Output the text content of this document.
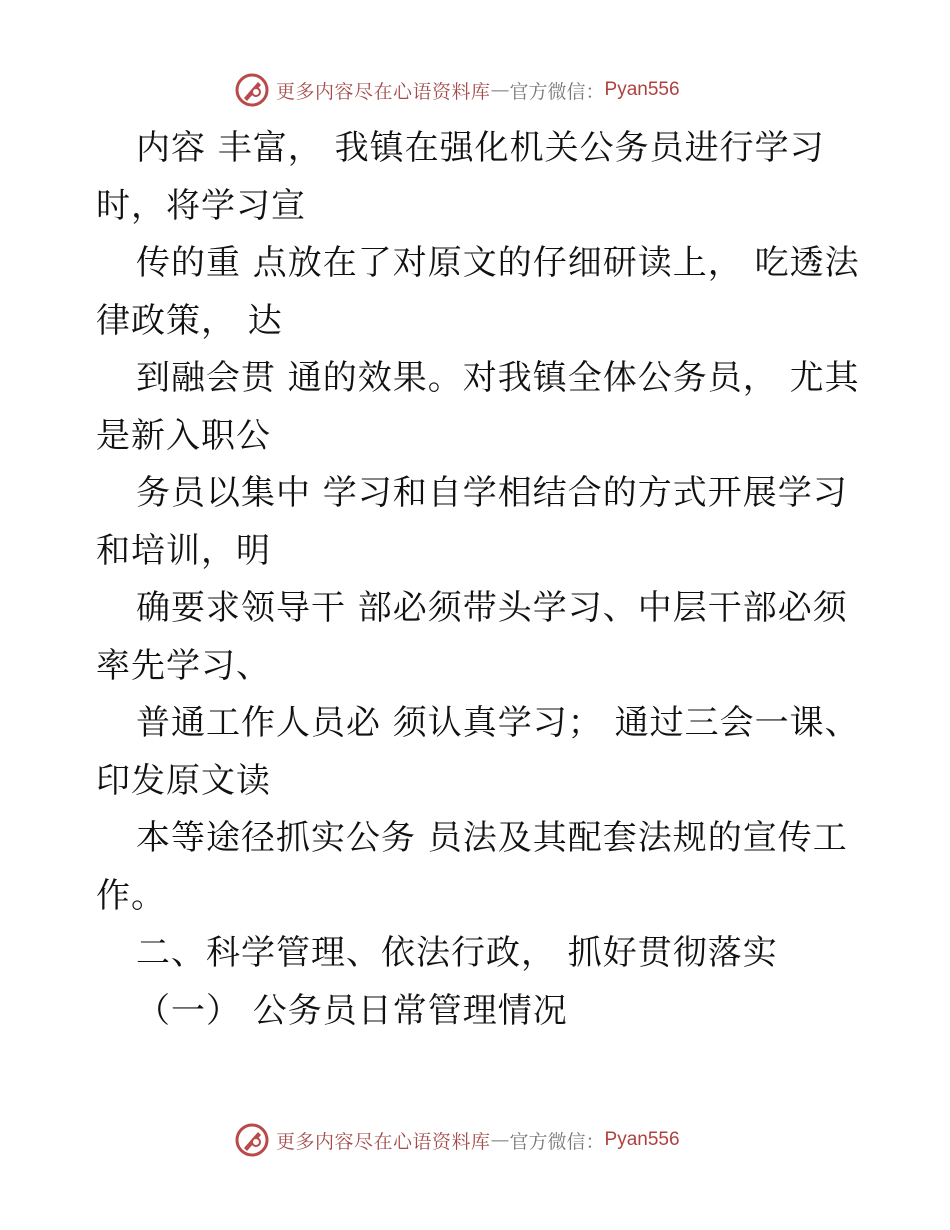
更多内容尽在心语资料库 — 官方微信： Pyan556
内容 丰富， 我镇在强化机关公务员进行学习
时，将学习宣
传的重 点放在了对原文的仔细研读上， 吃透法
律政策， 达
到融会贯 通的效果。对我镇全体公务员， 尤其
是新入职公
务员以集中 学习和自学相结合的方式开展学习
和培训，明
确要求领导干 部必须带头学习、中层干部必须
率先学习、
普通工作人员必 须认真学习； 通过三会一课、
印发原文读
本等途径抓实公务 员法及其配套法规的宣传工
作。
二、科学管理、依法行政， 抓好贯彻落实
（一） 公务员日常管理情况
更多内容尽在心语资料库 — 官方微信： Pyan556
